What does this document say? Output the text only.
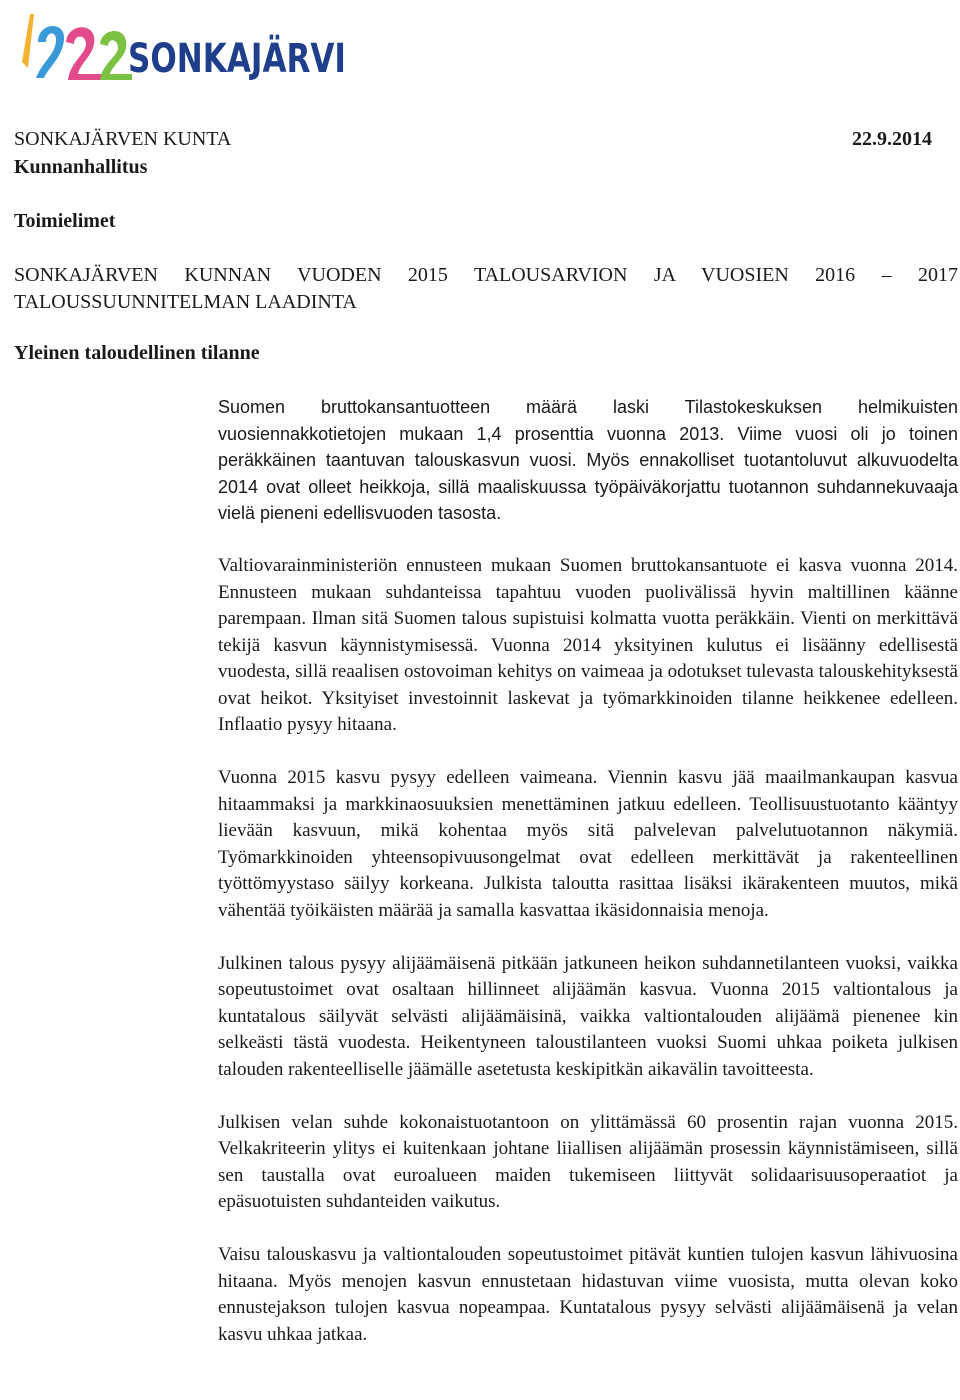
SONKAJÄRVI
SONKAJÄRVEN KUNTA	22.9.2014
Kunnanhallitus
Toimielimet
SONKAJÄRVEN KUNNAN VUODEN 2015 TALOUSARVION JA VUOSIEN 2016 – 2017
TALOUSSUUNNITELMAN LAADINTA
Yleinen taloudellinen tilanne

Suomen bruttokansantuotteen määrä laski Tilastokeskuksen helmikuisten vuosiennakkotietojen mukaan 1,4 prosenttia vuonna 2013. Viime vuosi oli jo toinen peräkkäinen taantuvan talouskasvun vuosi. Myös ennakolliset tuotantoluvut alkuvuodelta 2014 ovat olleet heikkoja, sillä maaliskuussa työpäiväkorjattu tuotannon suhdannekuvaaja vielä pieneni edellisvuoden tasosta.

Valtiovarainministeriön ennusteen mukaan Suomen bruttokansantuote ei kasva vuonna 2014. Ennusteen mukaan suhdanteissa tapahtuu vuoden puolivälissä hyvin maltillinen käänne parempaan. Ilman sitä Suomen talous supistuisi kolmatta vuotta peräkkäin. Vienti on merkittävä tekijä kasvun käynnistymisessä. Vuonna 2014 yksityinen kulutus ei lisäänny edellisestä vuodesta, sillä reaalisen ostovoiman kehitys on vaimeaa ja odotukset tulevasta talouskehityksestä ovat heikot. Yksityiset investoinnit laskevat ja työmarkkinoiden tilanne heikkenee edelleen. Inflaatio pysyy hitaana.

Vuonna 2015 kasvu pysyy edelleen vaimeana. Viennin kasvu jää maailmankaupan kasvua hitaammaksi ja markkinaosuuksien menettäminen jatkuu edelleen. Teollisuustuotanto kääntyy lievään kasvuun, mikä kohentaa myös sitä palvelevan palvelutuotannon näkymiä. Työmarkkinoiden yhteensopivuusongelmat ovat edelleen merkittävät ja rakenteellinen työttömyystaso säilyy korkeana. Julkista taloutta rasittaa lisäksi ikärakenteen muutos, mikä vähentää työikäisten määrää ja samalla kasvattaa ikäsidonnaisia menoja.

Julkinen talous pysyy alijäämäisenä pitkään jatkuneen heikon suhdannetilanteen vuoksi, vaikka sopeutustoimet ovat osaltaan hillinneet alijäämän kasvua. Vuonna 2015 valtiontalous ja kuntatalous säilyvät selvästi alijäämäisinä, vaikka valtiontalouden alijäämä pienenee kin selkeästi tästä vuodesta. Heikentyneen taloustilanteen vuoksi Suomi uhkaa poiketa julkisen talouden rakenteelliselle jäämälle asetetusta keskipitkän aikavälin tavoitteesta.

Julkisen velan suhde kokonaistuotantoon on ylittämässä 60 prosentin rajan vuonna 2015. Velkakriteerin ylitys ei kuitenkaan johtane liiallisen alijäämän prosessin käynnistämiseen, sillä sen taustalla ovat euroalueen maiden tukemiseen liittyvät solidaarisuusoperaatiot ja epäsuotuisten suhdanteiden vaikutus.

Vaisu talouskasvu ja valtiontalouden sopeutustoimet pitävät kuntien tulojen kasvun lähivuosina hitaana. Myös menojen kasvun ennustetaan hidastuvan viime vuosista, mutta olevan koko ennustejakson tulojen kasvua nopeampaa. Kuntatalous pysyy selvästi alijäämäisenä ja velan kasvu uhkaa jatkaa.
